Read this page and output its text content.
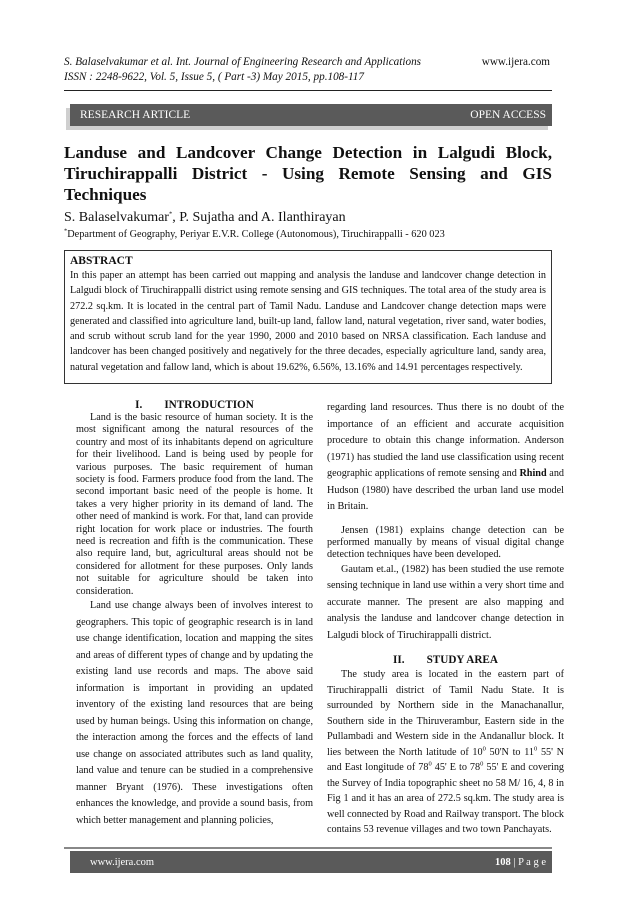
S. Balaselvakumar et al. Int. Journal of Engineering Research and Applications	www.ijera.com
ISSN : 2248-9622, Vol. 5, Issue 5, ( Part -3) May 2015, pp.108-117
RESEARCH ARTICLE	OPEN ACCESS
Landuse and Landcover Change Detection in Lalgudi Block, Tiruchirappalli District - Using Remote Sensing and GIS Techniques
S. Balaselvakumar*, P. Sujatha and A. Ilanthirayan
*Department of Geography, Periyar E.V.R. College (Autonomous), Tiruchirappalli - 620 023
ABSTRACT

In this paper an attempt has been carried out mapping and analysis the landuse and landcover change detection in Lalgudi block of Tiruchirappalli district using remote sensing and GIS techniques. The total area of the study area is 272.2 sq.km. It is located in the central part of Tamil Nadu. Landuse and Landcover change detection maps were generated and classified into agriculture land, built-up land, fallow land, natural vegetation, river sand, water bodies, and scrub without scrub land for the year 1990, 2000 and 2010 based on NRSA classification. Each landuse and landcover has been changed positively and negatively for the three decades, especially agriculture land, sandy area, natural vegetation and fallow land, which is about 19.62%, 6.56%, 13.16% and 14.91 percentages respectively.

I. INTRODUCTION

Land is the basic resource of human society. It is the most significant among the natural resources of the country and most of its inhabitants depend on agriculture for their livelihood. Land is being used by people for various purposes. The basic requirement of human society is food. Farmers produce food from the land. The second important basic need of the people is home. It takes a very higher priority in its demand of land. The other need of mankind is work. For that, land can provide right location for work place or industries. The fourth need is recreation and fifth is the communication. These also require land, but, agricultural areas should not be considered for allotment for these purposes. Only lands not suitable for agriculture should be taken into consideration.

Land use change always been of involves interest to geographers. This topic of geographic research is in land use change identification, location and mapping the sites and areas of different types of change and by updating the existing land use records and maps. The above said information is important in providing an updated inventory of the existing land resources that are being used by human beings. Using this information on change, the interaction among the forces and the effects of land use change on associated attributes such as land quality, land value and tenure can be studied in a comprehensive manner Bryant (1976). These investigations often enhances the knowledge, and provide a sound basis, from which better management and planning policies,

regarding land resources. Thus there is no doubt of the importance of an efficient and accurate acquisition procedure to obtain this change information. Anderson (1971) has studied the land use classification using recent geographic applications of remote sensing and Rhind and Hudson (1980) have described the urban land use model in Britain.

Jensen (1981) explains change detection can be performed manually by means of visual digital change detection techniques have been developed.

Gautam et.al., (1982) has been studied the use remote sensing technique in land use within a very short time and accurate manner. The present are also mapping and analysis the landuse and landcover change detection in Lalgudi block of Tiruchirappalli district.

II. STUDY AREA

The study area is located in the eastern part of Tiruchirappalli district of Tamil Nadu State. It is surrounded by Northern side in the Manachanallur, Southern side in the Thiruverambur, Eastern side in the Pullambadi and Western side in the Andanallur block. It lies between the North latitude of $10^0$ 50'N to $11^0$ 55' N and East longitude of $78^0$ 45' E to $78^0$ 55' E and covering the Survey of India topographic sheet no 58 M/ 16, 4, 8 in Fig 1 and it has an area of 272.5 sq.km. The study area is well connected by Road and Railway transport. The block contains 53 revenue villages and two town Panchayats.

www.ijera.com	108 | P a g e
